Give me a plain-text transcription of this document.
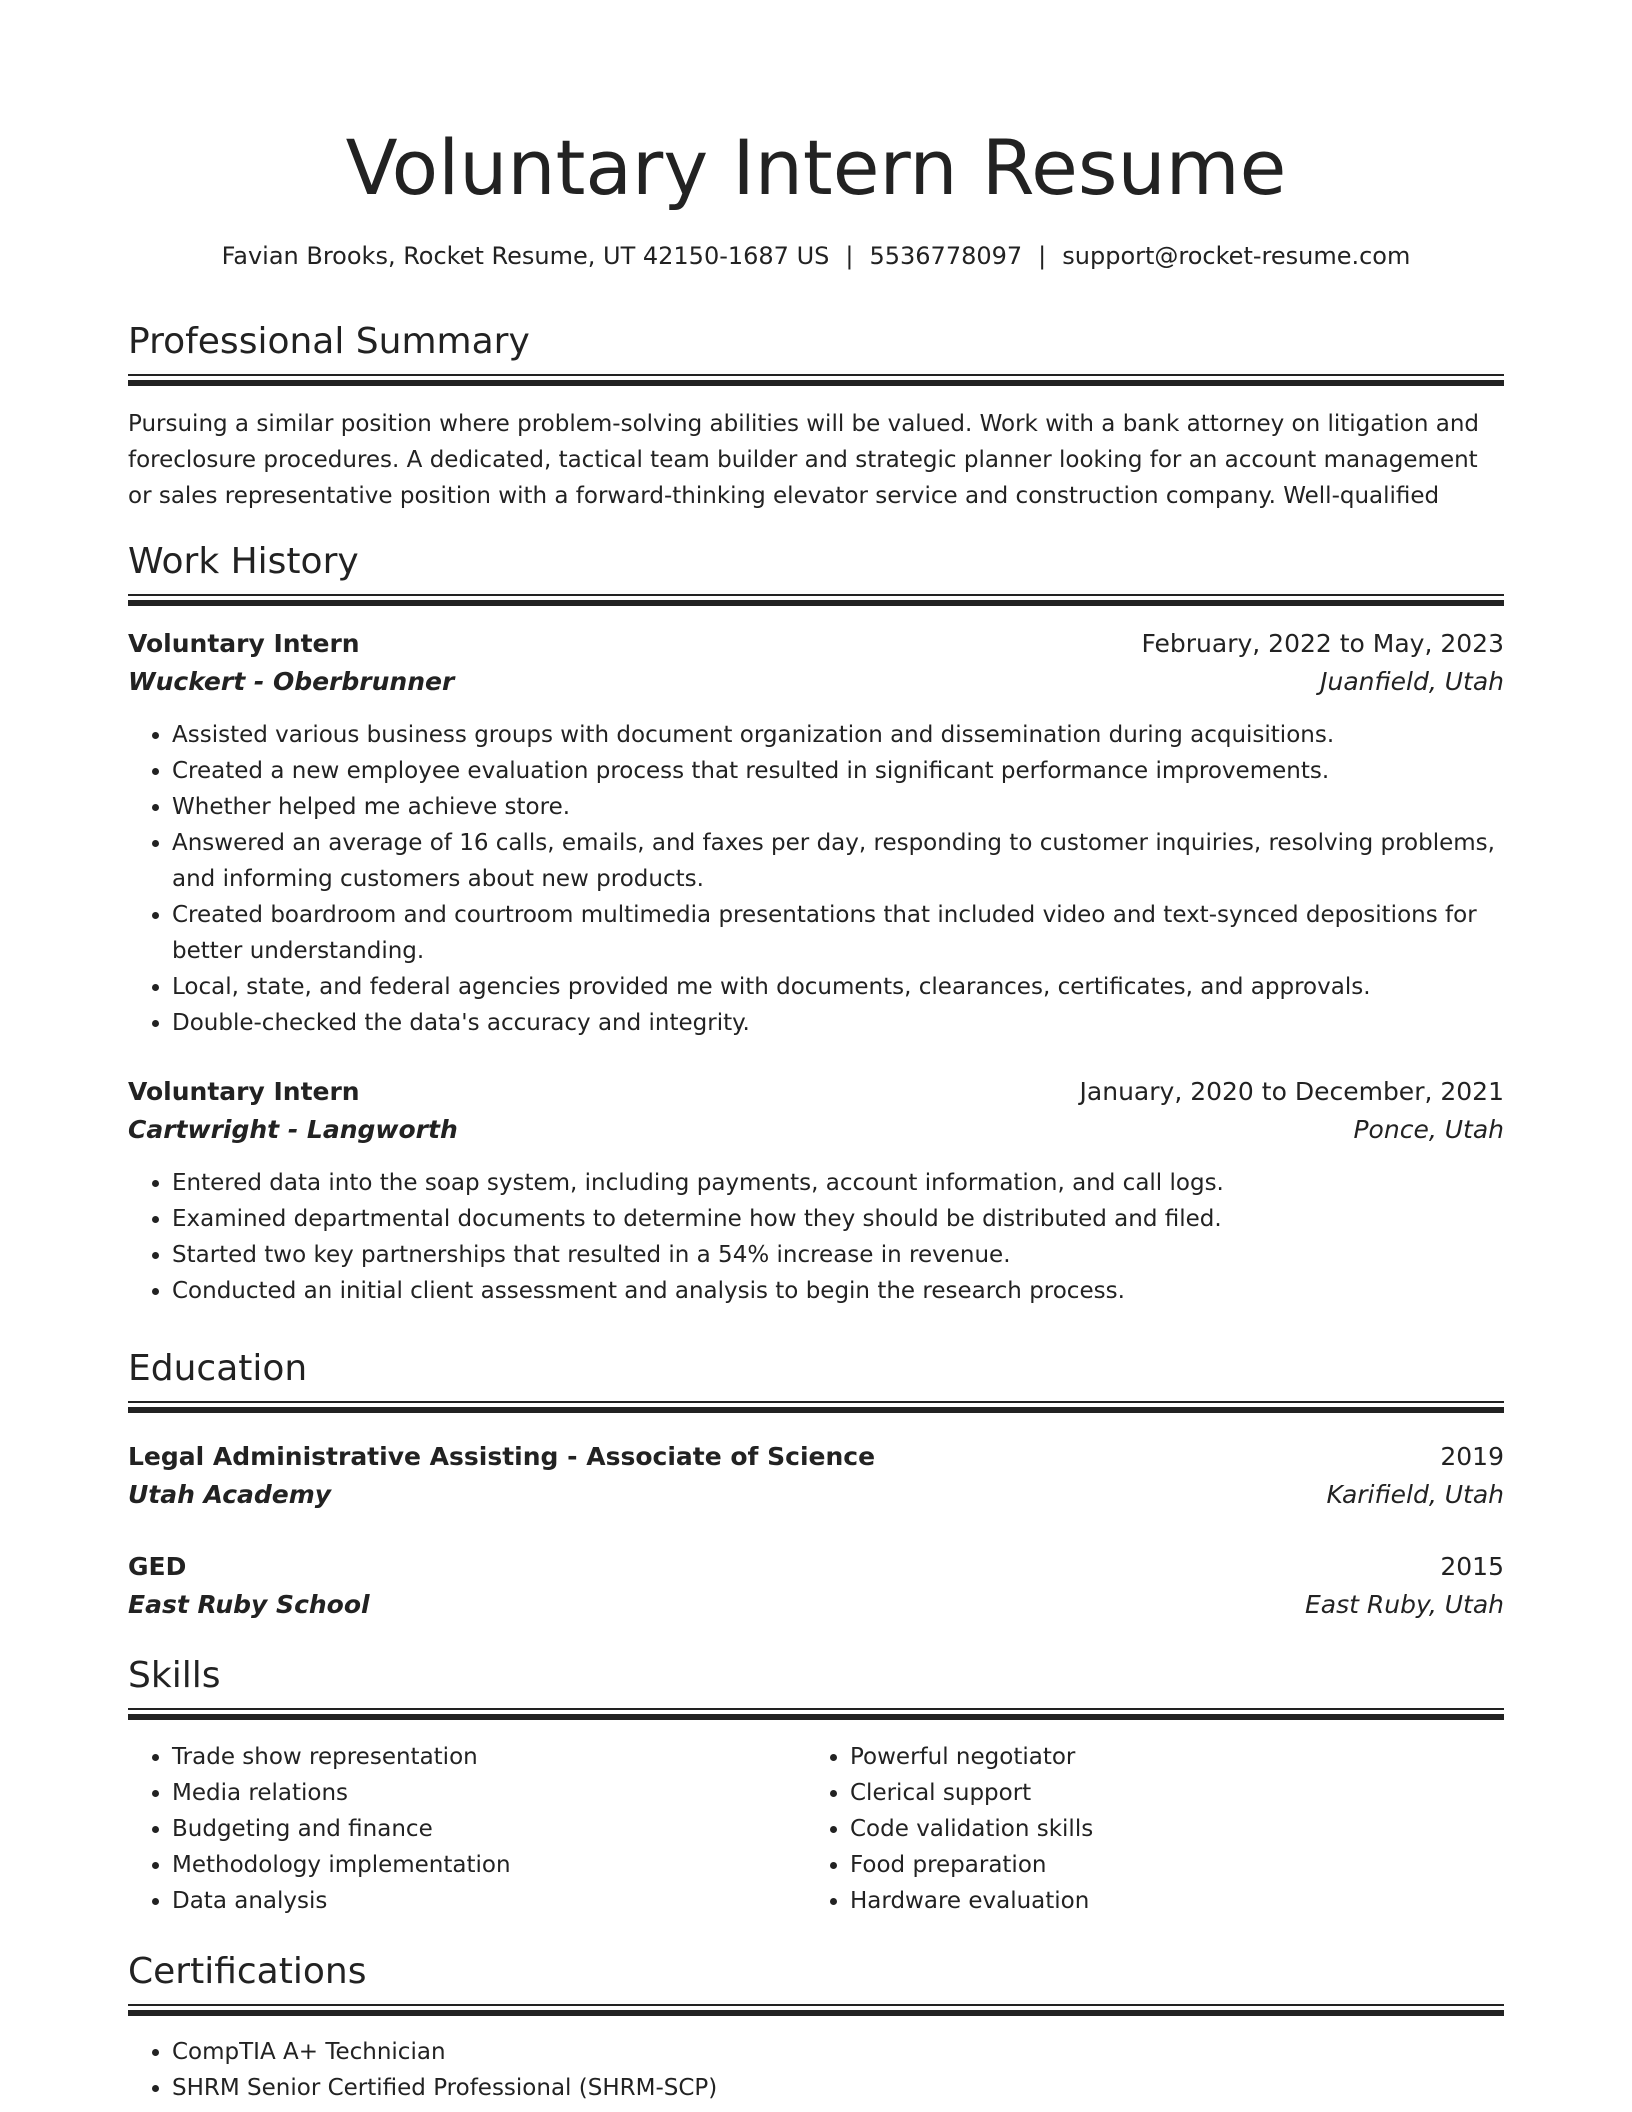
Voluntary Intern Resume
Favian Brooks, Rocket Resume, UT 42150-1687 US | 5536778097 | support@rocket-resume.com
Professional Summary

Pursuing a similar position where problem-solving abilities will be valued. Work with a bank attorney on litigation and foreclosure procedures. A dedicated, tactical team builder and strategic planner looking for an account management or sales representative position with a forward-thinking elevator service and construction company. Well-qualified

Work History
Voluntary Intern	February, 2022 to May, 2023
Wuckert - Oberbrunner	Juanfield, Utah
• Assisted various business groups with document organization and dissemination during acquisitions.
• Created a new employee evaluation process that resulted in significant performance improvements.
• Whether helped me achieve store.
• Answered an average of 16 calls, emails, and faxes per day, responding to customer inquiries, resolving problems, and informing customers about new products.
• Created boardroom and courtroom multimedia presentations that included video and text-synced depositions for better understanding.
• Local, state, and federal agencies provided me with documents, clearances, certificates, and approvals.
• Double-checked the data's accuracy and integrity.
Voluntary Intern	January, 2020 to December, 2021
Cartwright - Langworth	Ponce, Utah
• Entered data into the soap system, including payments, account information, and call logs.
• Examined departmental documents to determine how they should be distributed and filed.
• Started two key partnerships that resulted in a 54% increase in revenue.
• Conducted an initial client assessment and analysis to begin the research process.
Education
Legal Administrative Assisting - Associate of Science	2019
Utah Academy	Karifield, Utah
GED	2015
East Ruby School	East Ruby, Utah
Skills
• Trade show representation
• Media relations
• Budgeting and finance
• Methodology implementation
• Data analysis
• Powerful negotiator
• Clerical support
• Code validation skills
• Food preparation
• Hardware evaluation
Certifications
• CompTIA A+ Technician
• SHRM Senior Certified Professional (SHRM-SCP)
